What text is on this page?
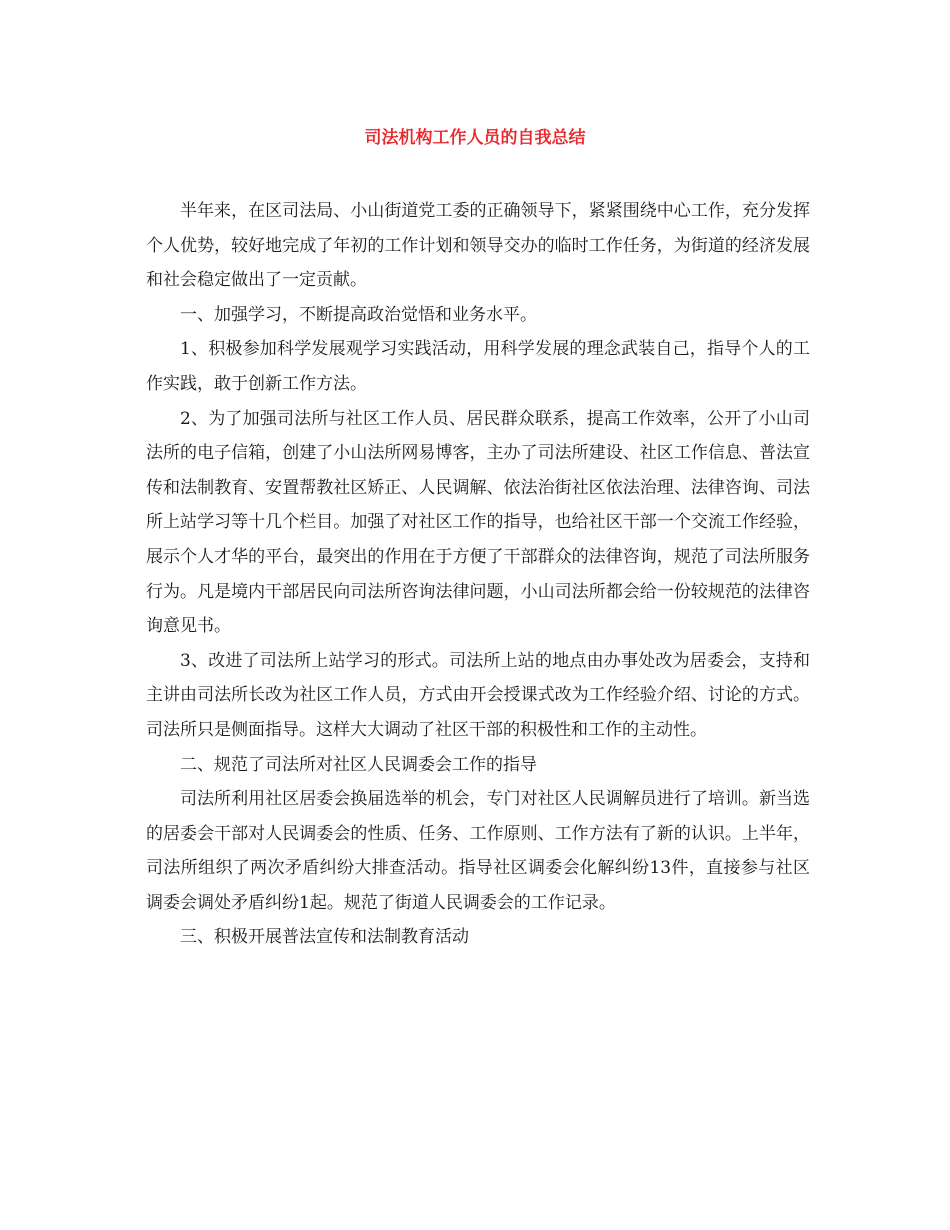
司法机构工作人员的自我总结

半年来，在区司法局、小山街道党工委的正确领导下，紧紧围绕中心工作，充分发挥个人优势，较好地完成了年初的工作计划和领导交办的临时工作任务，为街道的经济发展和社会稳定做出了一定贡献。

一、加强学习，不断提高政治觉悟和业务水平。

1、积极参加科学发展观学习实践活动，用科学发展的理念武装自己，指导个人的工作实践，敢于创新工作方法。

2、为了加强司法所与社区工作人员、居民群众联系，提高工作效率，公开了小山司法所的电子信箱，创建了小山法所网易博客，主办了司法所建设、社区工作信息、普法宣传和法制教育、安置帮教社区矫正、人民调解、依法治街社区依法治理、法律咨询、司法所上站学习等十几个栏目。加强了对社区工作的指导，也给社区干部一个交流工作经验，展示个人才华的平台，最突出的作用在于方便了干部群众的法律咨询，规范了司法所服务行为。凡是境内干部居民向司法所咨询法律问题，小山司法所都会给一份较规范的法律咨询意见书。

3、改进了司法所上站学习的形式。司法所上站的地点由办事处改为居委会，支持和主讲由司法所长改为社区工作人员，方式由开会授课式改为工作经验介绍、讨论的方式。司法所只是侧面指导。这样大大调动了社区干部的积极性和工作的主动性。

二、规范了司法所对社区人民调委会工作的指导

司法所利用社区居委会换届选举的机会，专门对社区人民调解员进行了培训。新当选的居委会干部对人民调委会的性质、任务、工作原则、工作方法有了新的认识。上半年，司法所组织了两次矛盾纠纷大排查活动。指导社区调委会化解纠纷13件，直接参与社区调委会调处矛盾纠纷1起。规范了街道人民调委会的工作记录。

三、积极开展普法宣传和法制教育活动
